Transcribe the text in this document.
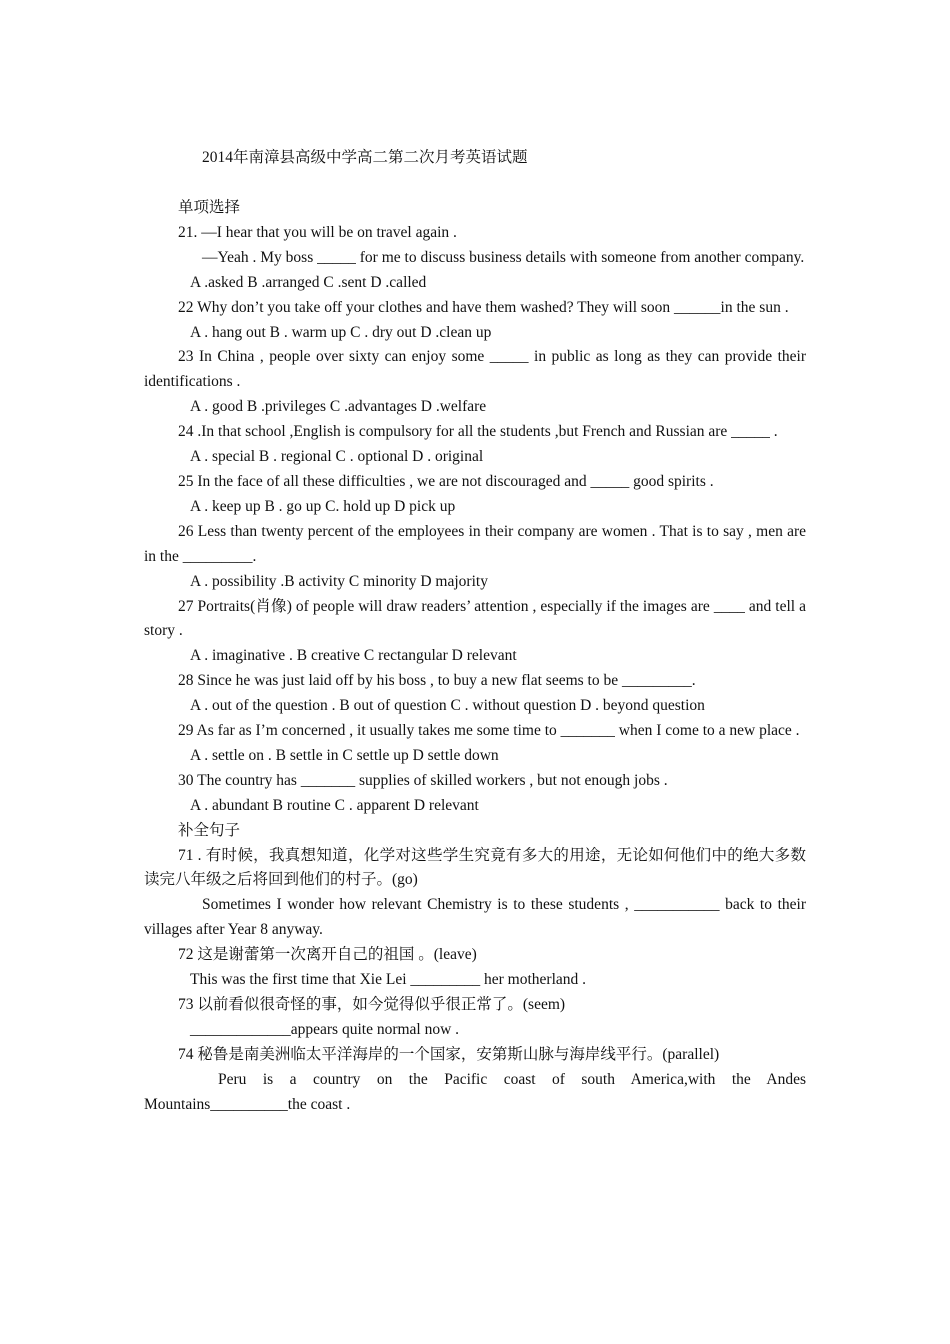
2014年南漳县高级中学高二第二次月考英语试题
单项选择
21. —I hear that you will be on travel again .
—Yeah . My boss _____ for me to discuss business details with someone from another company.
A .asked B .arranged C .sent D .called
22 Why don’t you take off your clothes and have them washed? They will soon ______in the sun .
A . hang out B . warm up C . dry out D .clean up
23 In China , people over sixty can enjoy some _____ in public as long as they can provide their identifications .
A . good B .privileges C .advantages D .welfare
24 .In that school ,English is compulsory for all the students ,but French and Russian are _____ .
A . special B . regional C . optional D . original
25 In the face of all these difficulties , we are not discouraged and _____ good spirits .
A . keep up B . go up C. hold up D pick up
26 Less than twenty percent of the employees in their company are women . That is to say , men are in the _________.
A . possibility .B activity C minority D majority
27 Portraits(肖像) of people will draw readers’ attention , especially if the images are ____ and tell a story .
A . imaginative . B creative C rectangular D relevant
28 Since he was just laid off by his boss , to buy a new flat seems to be _________.
A . out of the question . B out of question C . without question D . beyond question
29 As far as I’m concerned , it usually takes me some time to _______ when I come to a new place .
A . settle on . B settle in C settle up D settle down
30 The country has _______ supplies of skilled workers , but not enough jobs .
A . abundant B routine C . apparent D relevant
补全句子
71 . 有时候，我真想知道，化学对这些学生究竟有多大的用途，无论如何他们中的绝大多数读完八年级之后将回到他们的村子。(go)
Sometimes I wonder how relevant Chemistry is to these students , ___________ back to their villages after Year 8 anyway.
72 这是谢蕾第一次离开自己的祖国 。(leave)
This was the first time that Xie Lei _________ her motherland .
73 以前看似很奇怪的事，如今觉得似乎很正常了。(seem)
_____________appears quite normal now .
74 秘鲁是南美洲临太平洋海岸的一个国家，安第斯山脉与海岸线平行。(parallel)
Peru is a country on the Pacific coast of south America,with the Andes Mountains__________the coast .
